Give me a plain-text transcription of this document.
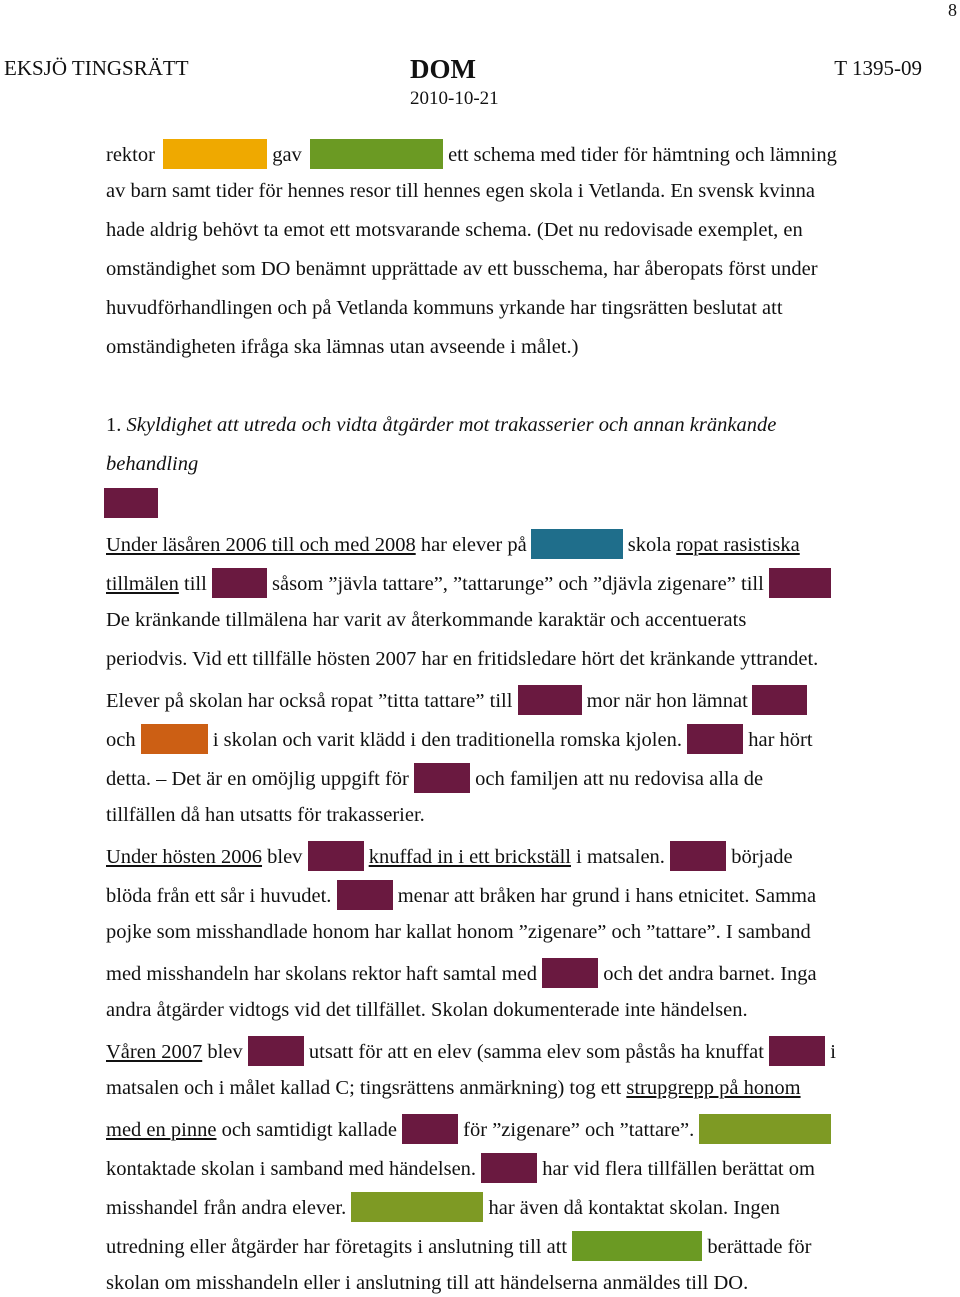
8
EKSJÖ TINGSRÄTT	DOM
2010-10-21
T 1395-09
rektor	gav	ett schema med tider för hämtning och lämning
av barn samt tider för hennes resor till hennes egen skola i Vetlanda. En svensk kvinna
hade aldrig behövt ta emot ett motsvarande schema. (Det nu redovisade exemplet, en
omständighet som DO benämnt upprättade av ett busschema, har åberopats först under
huvudförhandlingen och på Vetlanda kommuns yrkande har tingsrätten beslutat att
omständigheten ifråga ska lämnas utan avseende i målet.)
1. Skyldighet att utreda och vidta åtgärder mot trakasserier och annan kränkande
behandling
Under läsåren 2006 till och med 2008 har elever på	skola ropat rasistiska
tillmälen till	såsom ”jävla tattare”, ”tattarunge” och ”djävla zigenare” till
De kränkande tillmälena har varit av återkommande karaktär och accentuerats
periodvis. Vid ett tillfälle hösten 2007 har en fritidsledare hört det kränkande yttrandet.
Elever på skolan har också ropat ”titta tattare” till	mor när hon lämnat
och	i skolan och varit klädd i den traditionella romska kjolen.	har hört
detta. – Det är en omöjlig uppgift för	och familjen att nu redovisa alla de
tillfällen då han utsatts för trakasserier.
Under hösten 2006 blev	knuffad in i ett brickställ i matsalen.	började
blöda från ett sår i huvudet.	menar att bråken har grund i hans etnicitet. Samma
pojke som misshandlade honom har kallat honom ”zigenare” och ”tattare”. I samband
med misshandeln har skolans rektor haft samtal med	och det andra barnet. Inga
andra åtgärder vidtogs vid det tillfället. Skolan dokumenterade inte händelsen.
Våren 2007 blev	utsatt för att en elev (samma elev som påstås ha knuffat	i
matsalen och i målet kallad C; tingsrättens anmärkning) tog ett strupgrepp på honom
med en pinne och samtidigt kallade	för ”zigenare” och ”tattare”.
kontaktade skolan i samband med händelsen.	har vid flera tillfällen berättat om
misshandel från andra elever.	har även då kontaktat skolan. Ingen
utredning eller åtgärder har företagits i anslutning till att	berättade för
skolan om misshandeln eller i anslutning till att händelserna anmäldes till DO.
